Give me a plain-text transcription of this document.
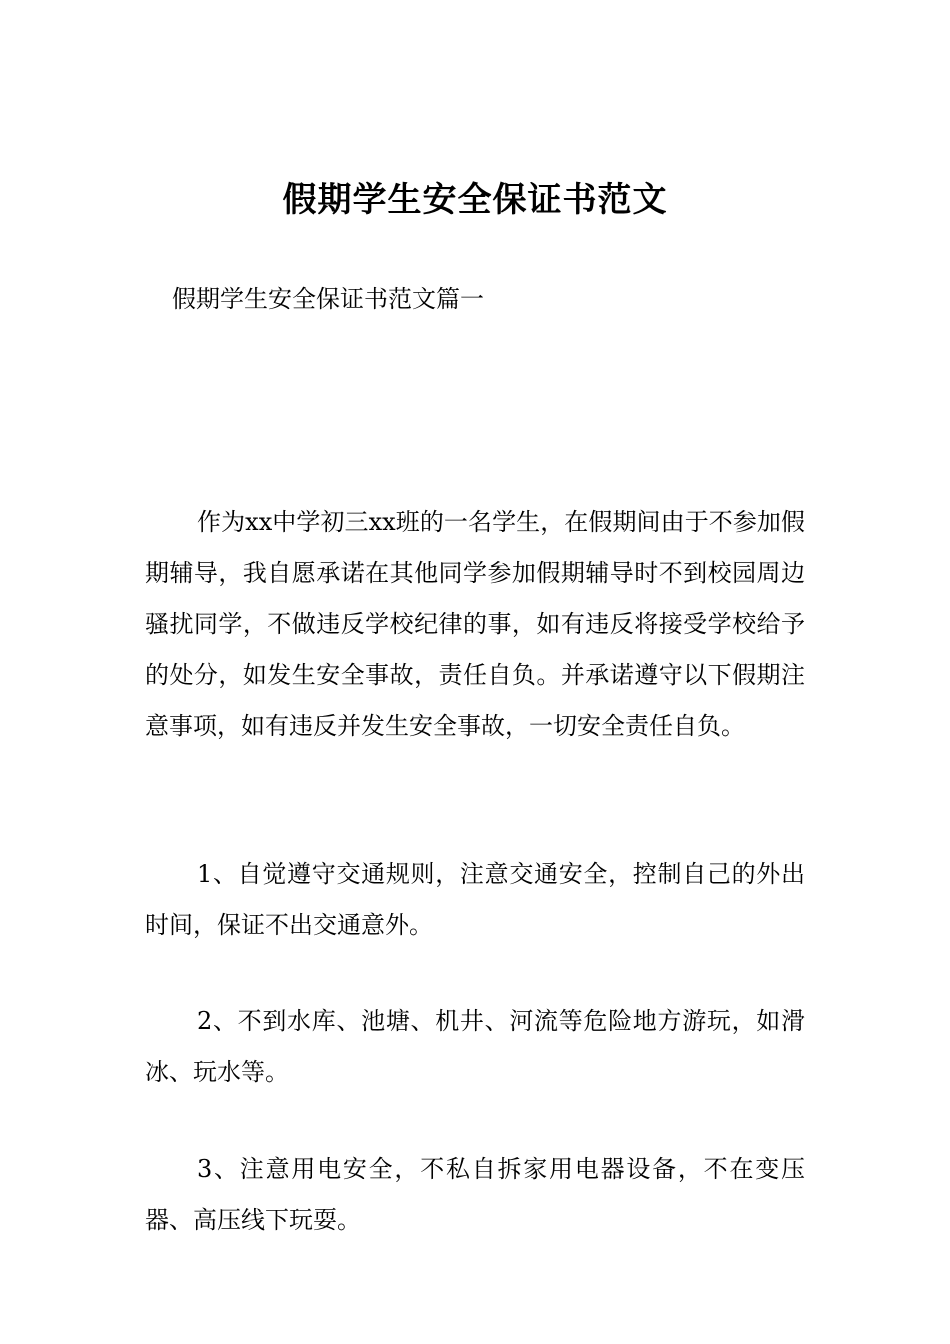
假期学生安全保证书范文
假期学生安全保证书范文篇一

作为xx中学初三xx班的一名学生，在假期间由于不参加假期辅导，我自愿承诺在其他同学参加假期辅导时不到校园周边骚扰同学，不做违反学校纪律的事，如有违反将接受学校给予的处分，如发生安全事故，责任自负。并承诺遵守以下假期注意事项，如有违反并发生安全事故，一切安全责任自负。

1、自觉遵守交通规则，注意交通安全，控制自己的外出时间，保证不出交通意外。

2、不到水库、池塘、机井、河流等危险地方游玩，如滑冰、玩水等。

3、注意用电安全，不私自拆家用电器设备，不在变压器、高压线下玩耍。
